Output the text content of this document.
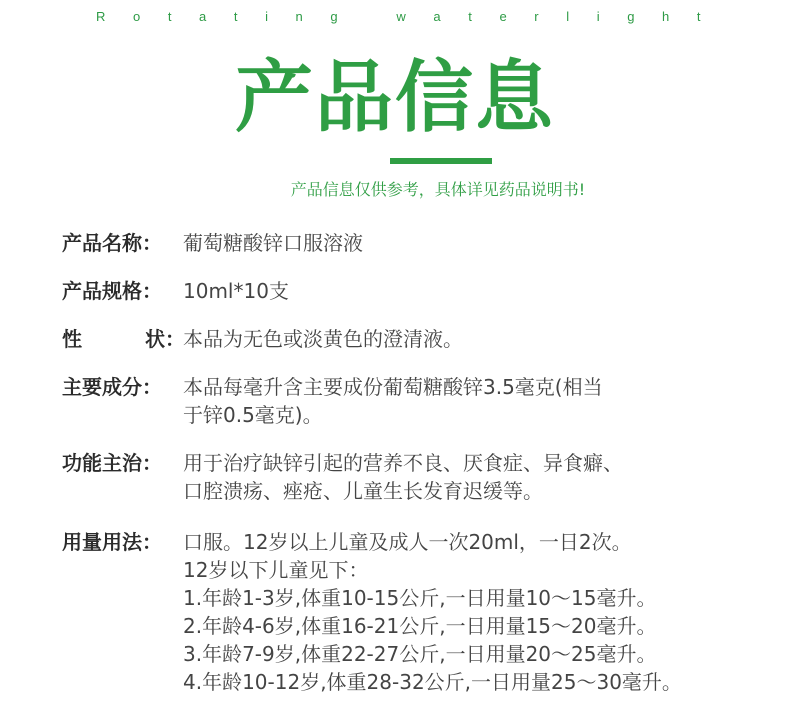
Rotating waterlight
产品信息
产品信息仅供参考，具体详见药品说明书!
产品名称： 葡萄糖酸锌口服溶液
产品规格： 10ml*10支
性	状 ：
本品为无色或淡黄色的澄清液。
主要成分： 本品每毫升含主要成份葡萄糖酸锌3.5毫克(相当
于锌0.5毫克)。
功能主治： 用于治疗缺锌引起的营养不良、厌食症、异食癖、
口腔溃疡、痤疮、儿童生长发育迟缓等。
用量用法： 口服。12岁以上儿童及成人一次20ml，一日2次。
12岁以下儿童见下：
1.年龄1-3岁,体重10-15公斤,一日用量10～15毫升。
2.年龄4-6岁,体重16-21公斤,一日用量15～20毫升。
3.年龄7-9岁,体重22-27公斤,一日用量20～25毫升。
4.年龄10-12岁,体重28-32公斤,一日用量25～30毫升。
